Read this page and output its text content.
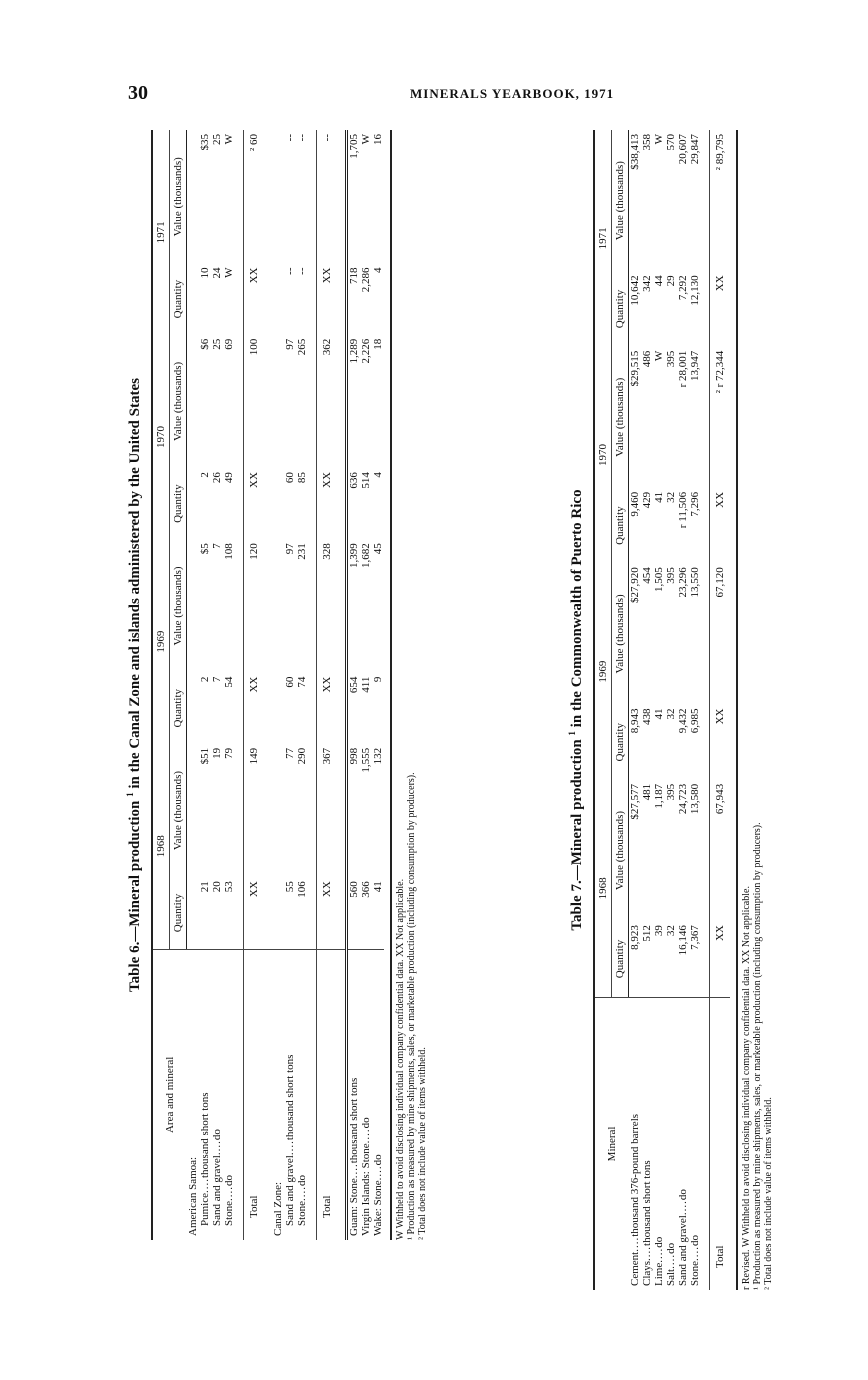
30	MINERALS YEARBOOK, 1971
Table 6.—Mineral production $^1$ in the Canal Zone and islands administered by the United States
Area and mineral	1968		1969		1970		1971	
	Quantity	Value (thousands)	Quantity	Value (thousands)	Quantity	Value (thousands)	Quantity	Value (thousands)
American Samoa:								
Pumice....thousand short tons	21	$51	2	$5	2	$6	10	$35
Sand and gravel....do	20	19	7	7	26	25	24	25
Stone....do	53	79	54	108	49	69	W	W

Total	XX	149	XX	120	XX	100	XX	² 60

Canal Zone:								
Sand and gravel....thousand short tons	55	77	60	97	60	97	--	--
Stone....do	106	290	74	231	85	265	--	--

Total	XX	367	XX	328	XX	362	XX	--

Guam: Stone....thousand short tons	560	998	654	1,399	636	1,289	718	1,705
Virgin Islands: Stone....do	366	1,555	411	1,682	514	2,226	2,286	W
Wake: Stone....do	41	132	9	45	4	18	4	16
W Withheld to avoid disclosing individual company confidential data. XX Not applicable. ¹ Production as measured by mine shipments, sales, or marketable production (including consumption by producers). ² Total does not include value of items withheld.
Table 7.—Mineral production $^1$ in the Commonwealth of Puerto Rico
Mineral	1968		1969		1970		1971	
	Quantity	Value (thousands)	Quantity	Value (thousands)	Quantity	Value (thousands)	Quantity	Value (thousands)
Cement....thousand 376-pound barrels	8,923	$27,577	8,943	$27,920	9,460	$29,515	10,642	$38,413
Clays....thousand short tons	512	481	438	454	429	486	342	358
Lime....do	39	1,187	41	1,505	41	W	44	W
Salt....do	32	395	32	395	32	395	29	570
Sand and gravel....do	16,146	24,723	9,432	23,296	r 11,506	r 28,001	7,292	20,607
Stone....do	7,367	13,580	6,985	13,550	7,296	13,947	12,130	29,847

Total	XX	67,943	XX	67,120	XX	² r 72,344	XX	² 89,795
r Revised. W Withheld to avoid disclosing individual company confidential data. XX Not applicable. ¹ Production as measured by mine shipments, sales, or marketable production (including consumption by producers). ² Total does not include value of items withheld.
